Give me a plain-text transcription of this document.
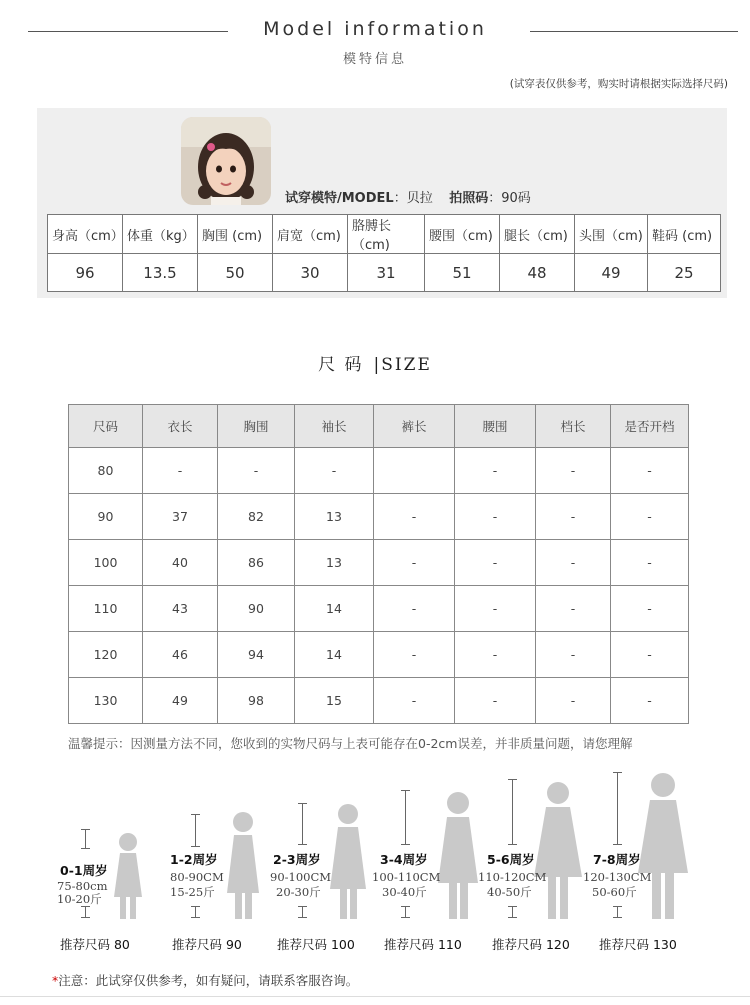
Model information
模特信息
(试穿表仅供参考，购实时请根据实际选择尺码)
试穿模特/MODEL：贝拉 拍照码：90码
身高（cm）	体重（kg）	胸围 (cm)	肩宽（cm)	胳膊长（cm)	腰围（cm)	腿长（cm)	头围（cm)	鞋码 (cm)
96	13.5	50	30	31	51	48	49	25
尺 码 |SIZE
尺码	衣长	胸围	袖长	裤长	腰围	档长	是否开档
80	-	-	-		-	-	-
90	37	82	13	-	-	-	-
100	40	86	13	-	-	-	-
110	43	90	14	-	-	-	-
120	46	94	14	-	-	-	-
130	49	98	15	-	-	-	-
温馨提示：因测量方法不同，您收到的实物尺码与上表可能存在0-2cm误差，并非质量问题，请您理解
0-1周岁
75-80cm
10-20斤
推荐尺码 80
1-2周岁
80-90CM
15-25斤
推荐尺码 90
2-3周岁
90-100CM
20-30斤
推荐尺码 100
3-4周岁
100-110CM
30-40斤
推荐尺码 110
5-6周岁
110-120CM
40-50斤
推荐尺码 120
7-8周岁
120-130CM
50-60斤
推荐尺码 130
*注意：此试穿仅供参考，如有疑问，请联系客服咨询。
